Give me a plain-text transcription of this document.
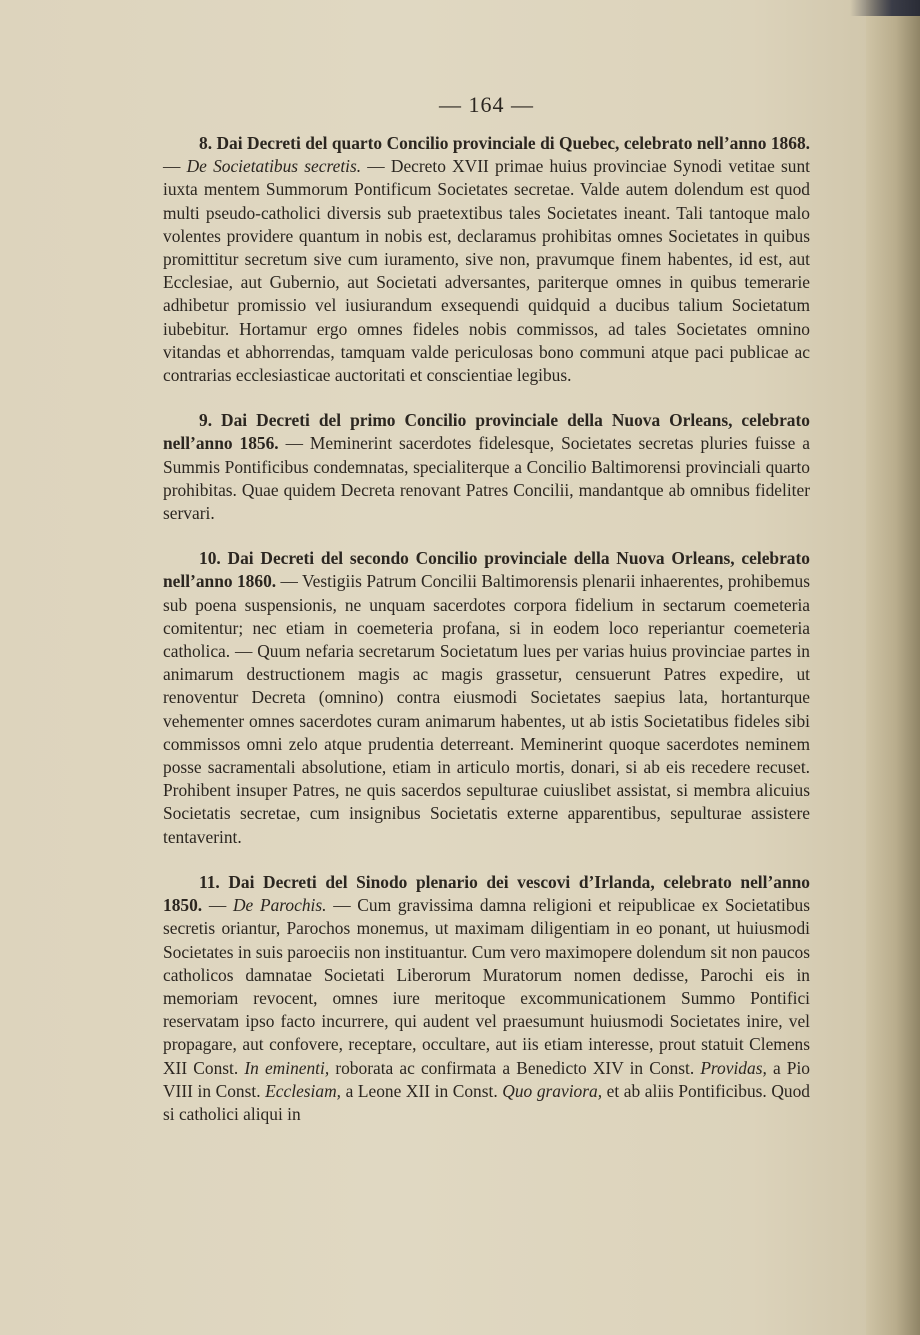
— 164 —

8. Dai Decreti del quarto Concilio provinciale di Quebec, celebrato nell’anno 1868. — De Societatibus secretis. — Decreto XVII primae huius provinciae Synodi vetitae sunt iuxta mentem Summorum Pontificum Societates secretae. Valde autem dolendum est quod multi pseudo-catholici diversis sub praetextibus tales Societates ineant. Tali tantoque malo volentes providere quantum in nobis est, declaramus prohibitas omnes Societates in quibus promittitur secretum sive cum iuramento, sive non, pravumque finem habentes, id est, aut Ecclesiae, aut Gubernio, aut Societati adversantes, pariterque omnes in quibus temerarie adhibetur promissio vel iusiurandum exsequendi quidquid a ducibus talium Societatum iubebitur. Hortamur ergo omnes fideles nobis commissos, ad tales Societates omnino vitandas et abhorrendas, tamquam valde periculosas bono communi atque paci publicae ac contrarias ecclesiasticae auctoritati et conscientiae legibus.

9. Dai Decreti del primo Concilio provinciale della Nuova Orleans, celebrato nell’anno 1856. — Meminerint sacerdotes fidelesque, Societates secretas pluries fuisse a Summis Pontificibus condemnatas, specialiterque a Concilio Baltimorensi provinciali quarto prohibitas. Quae quidem Decreta renovant Patres Concilii, mandantque ab omnibus fideliter servari.

10. Dai Decreti del secondo Concilio provinciale della Nuova Orleans, celebrato nell’anno 1860. — Vestigiis Patrum Concilii Baltimorensis plenarii inhaerentes, prohibemus sub poena suspensionis, ne unquam sacerdotes corpora fidelium in sectarum coemeteria comitentur; nec etiam in coemeteria profana, si in eodem loco reperiantur coemeteria catholica. — Quum nefaria secretarum Societatum lues per varias huius provinciae partes in animarum destructionem magis ac magis grassetur, censuerunt Patres expedire, ut renoventur Decreta (omnino) contra eiusmodi Societates saepius lata, hortanturque vehementer omnes sacerdotes curam animarum habentes, ut ab istis Societatibus fideles sibi commissos omni zelo atque prudentia deterreant. Meminerint quoque sacerdotes neminem posse sacramentali absolutione, etiam in articulo mortis, donari, si ab eis recedere recuset. Prohibent insuper Patres, ne quis sacerdos sepulturae cuiuslibet assistat, si membra alicuius Societatis secretae, cum insignibus Societatis externe apparentibus, sepulturae assistere tentaverint.

11. Dai Decreti del Sinodo plenario dei vescovi d’Irlanda, celebrato nell’anno 1850. — De Parochis. — Cum gravissima damna religioni et reipublicae ex Societatibus secretis oriantur, Parochos monemus, ut maximam diligentiam in eo ponant, ut huiusmodi Societates in suis paroeciis non instituantur. Cum vero maximopere dolendum sit non paucos catholicos damnatae Societati Liberorum Muratorum nomen dedisse, Parochi eis in memoriam revocent, omnes iure meritoque excommunicationem Summo Pontifici reservatam ipso facto incurrere, qui audent vel praesumunt huiusmodi Societates inire, vel propagare, aut confovere, receptare, occultare, aut iis etiam interesse, prout statuit Clemens XII Const. In eminenti, roborata ac confirmata a Benedicto XIV in Const. Providas, a Pio VIII in Const. Ecclesiam, a Leone XII in Const. Quo graviora, et ab aliis Pontificibus. Quod si catholici aliqui in
